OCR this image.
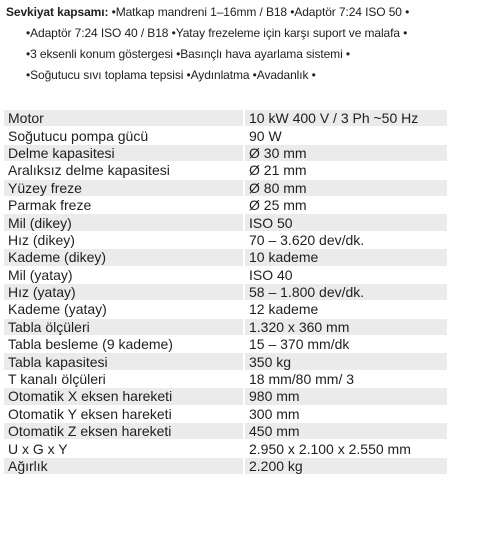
Sevkiyat kapsamı: •Matkap mandreni 1–16mm / B18 •Adaptör 7:24 ISO 50 •
•Adaptör 7:24 ISO 40 / B18 •Yatay frezeleme için karşı suport ve malafa •
•3 eksenli konum göstergesi •Basınçlı hava ayarlama sistemi •
•Soğutucu sıvı toplama tepsisi •Aydınlatma •Avadanlık •
Motor	10 kW 400 V / 3 Ph ~50 Hz
Soğutucu pompa gücü	90 W
Delme kapasitesi	Ø 30 mm
Aralıksız delme kapasitesi	Ø 21 mm
Yüzey freze	Ø 80 mm
Parmak freze	Ø 25 mm
Mil (dikey)	ISO 50
Hız (dikey)	70 – 3.620 dev/dk.
Kademe (dikey)	10 kademe
Mil (yatay)	ISO 40
Hız (yatay)	58 – 1.800 dev/dk.
Kademe (yatay)	12 kademe
Tabla ölçüleri	1.320 x 360 mm
Tabla besleme (9 kademe)	15 – 370 mm/dk
Tabla kapasitesi	350 kg
T kanalı ölçüleri	18 mm/80 mm/ 3
Otomatik X eksen hareketi	980 mm
Otomatik Y eksen hareketi	300 mm
Otomatik Z eksen hareketi	450 mm
U x G x Y	2.950 x 2.100 x 2.550 mm
Ağırlık	2.200 kg
